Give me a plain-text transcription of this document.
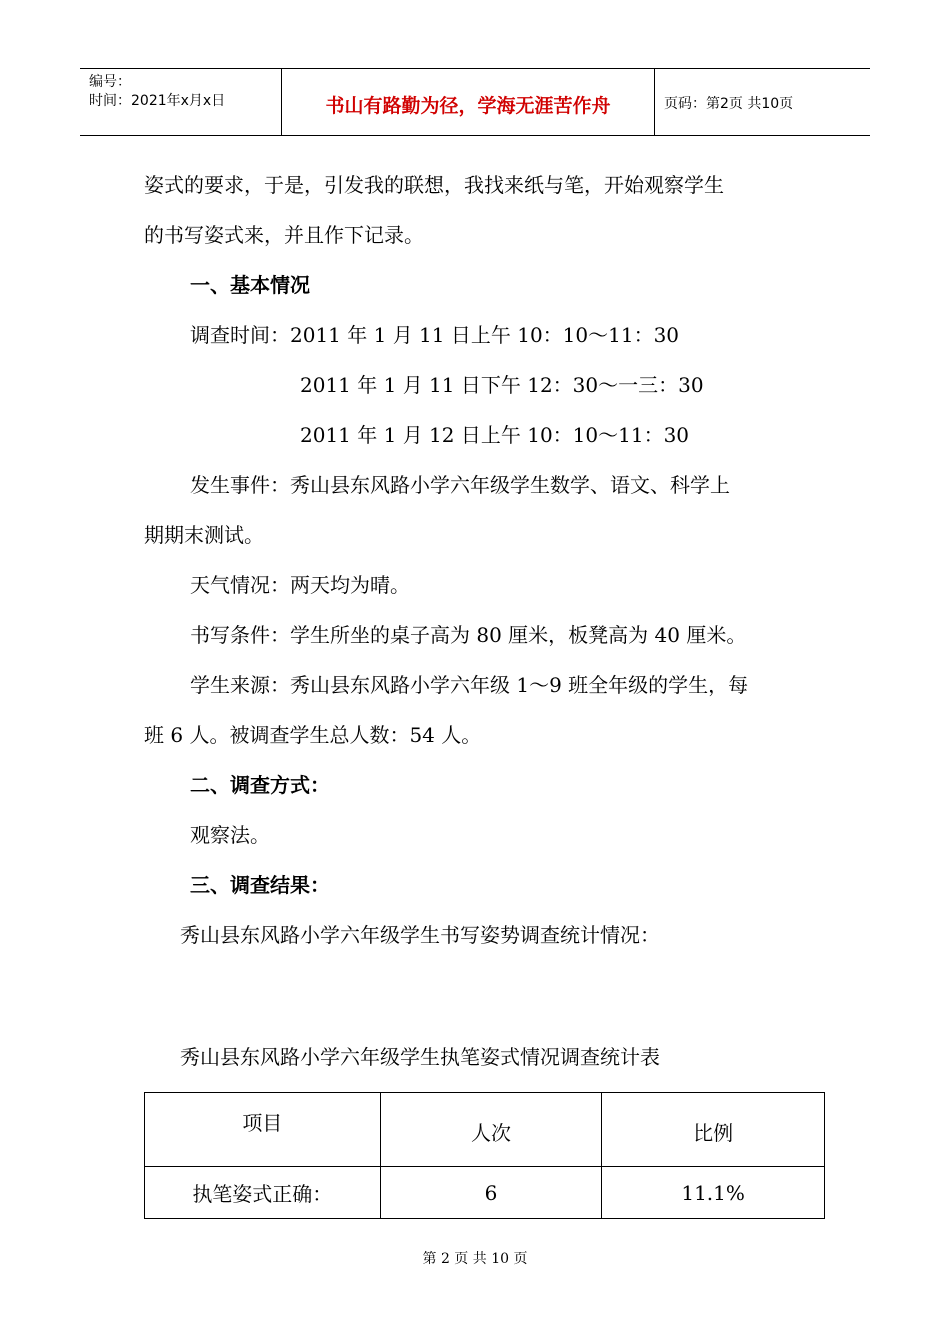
编号：
时间：2021年x月x日	书山有路勤为径，学海无涯苦作舟	页码：第2页 共10页
姿式的要求，于是，引发我的联想，我找来纸与笔，开始观察学生
的书写姿式来，并且作下记录。
一、基本情况
调查时间：2011 年 1 月 11 日上午 10：10～11：30
2011 年 1 月 11 日下午 12：30～一三：30
2011 年 1 月 12 日上午 10：10～11：30
发生事件：秀山县东风路小学六年级学生数学、语文、科学上
期期末测试。
天气情况：两天均为晴。
书写条件：学生所坐的桌子高为 80 厘米，板凳高为 40 厘米。
学生来源：秀山县东风路小学六年级 1～9 班全年级的学生，每
班 6 人。被调查学生总人数：54 人。
二、调查方式：
观察法。
三、调查结果：
秀山县东风路小学六年级学生书写姿势调查统计情况：
秀山县东风路小学六年级学生执笔姿式情况调查统计表
项目	人次	比例
执笔姿式正确：	6	11.1%
第 2 页 共 10 页
